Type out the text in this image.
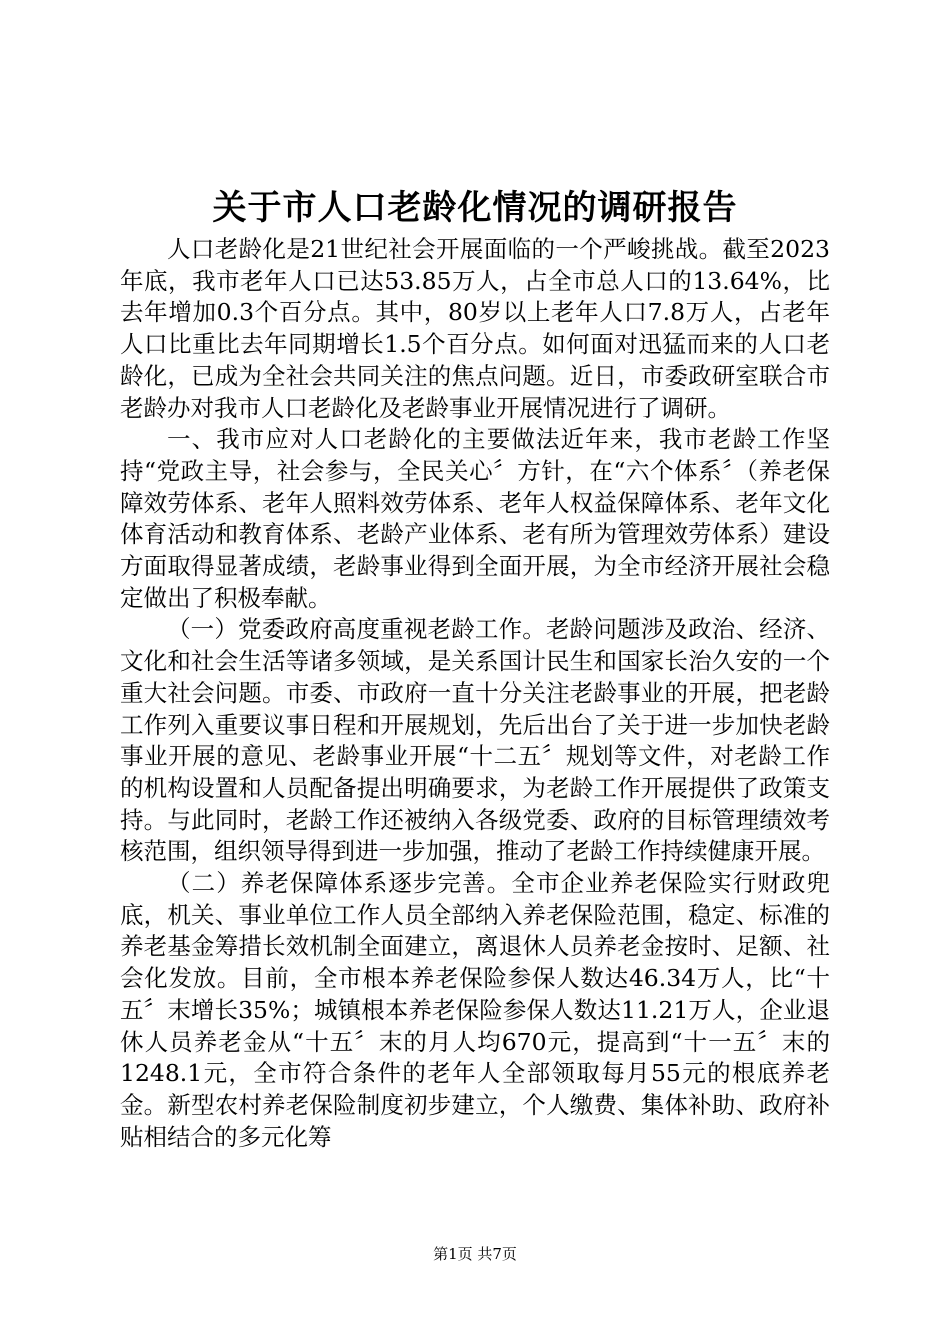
关于市人口老龄化情况的调研报告

人口老龄化是21世纪社会开展面临的一个严峻挑战。截至2023年底，我市老年人口已达53.85万人，占全市总人口的13.64%，比去年增加0.3个百分点。其中，80岁以上老年人口7.8万人，占老年人口比重比去年同期增长1.5个百分点。如何面对迅猛而来的人口老龄化，已成为全社会共同关注的焦点问题。近日，市委政研室联合市老龄办对我市人口老龄化及老龄事业开展情况进行了调研。

一、我市应对人口老龄化的主要做法近年来，我市老龄工作坚持“党政主导，社会参与，全民关心〞方针，在“六个体系〞（养老保障效劳体系、老年人照料效劳体系、老年人权益保障体系、老年文化体育活动和教育体系、老龄产业体系、老有所为管理效劳体系）建设方面取得显著成绩，老龄事业得到全面开展，为全市经济开展社会稳定做出了积极奉献。

（一）党委政府高度重视老龄工作。老龄问题涉及政治、经济、文化和社会生活等诸多领域，是关系国计民生和国家长治久安的一个重大社会问题。市委、市政府一直十分关注老龄事业的开展，把老龄工作列入重要议事日程和开展规划，先后出台了关于进一步加快老龄事业开展的意见、老龄事业开展“十二五〞规划等文件，对老龄工作的机构设置和人员配备提出明确要求，为老龄工作开展提供了政策支持。与此同时，老龄工作还被纳入各级党委、政府的目标管理绩效考核范围，组织领导得到进一步加强，推动了老龄工作持续健康开展。

（二）养老保障体系逐步完善。全市企业养老保险实行财政兜底，机关、事业单位工作人员全部纳入养老保险范围，稳定、标准的养老基金筹措长效机制全面建立，离退休人员养老金按时、足额、社会化发放。目前，全市根本养老保险参保人数达46.34万人，比“十五〞末增长35%；城镇根本养老保险参保人数达11.21万人，企业退休人员养老金从“十五〞末的月人均670元，提高到“十一五〞末的1248.1元，全市符合条件的老年人全部领取每月55元的根底养老金。新型农村养老保险制度初步建立，个人缴费、集体补助、政府补贴相结合的多元化筹

第1页 共7页
